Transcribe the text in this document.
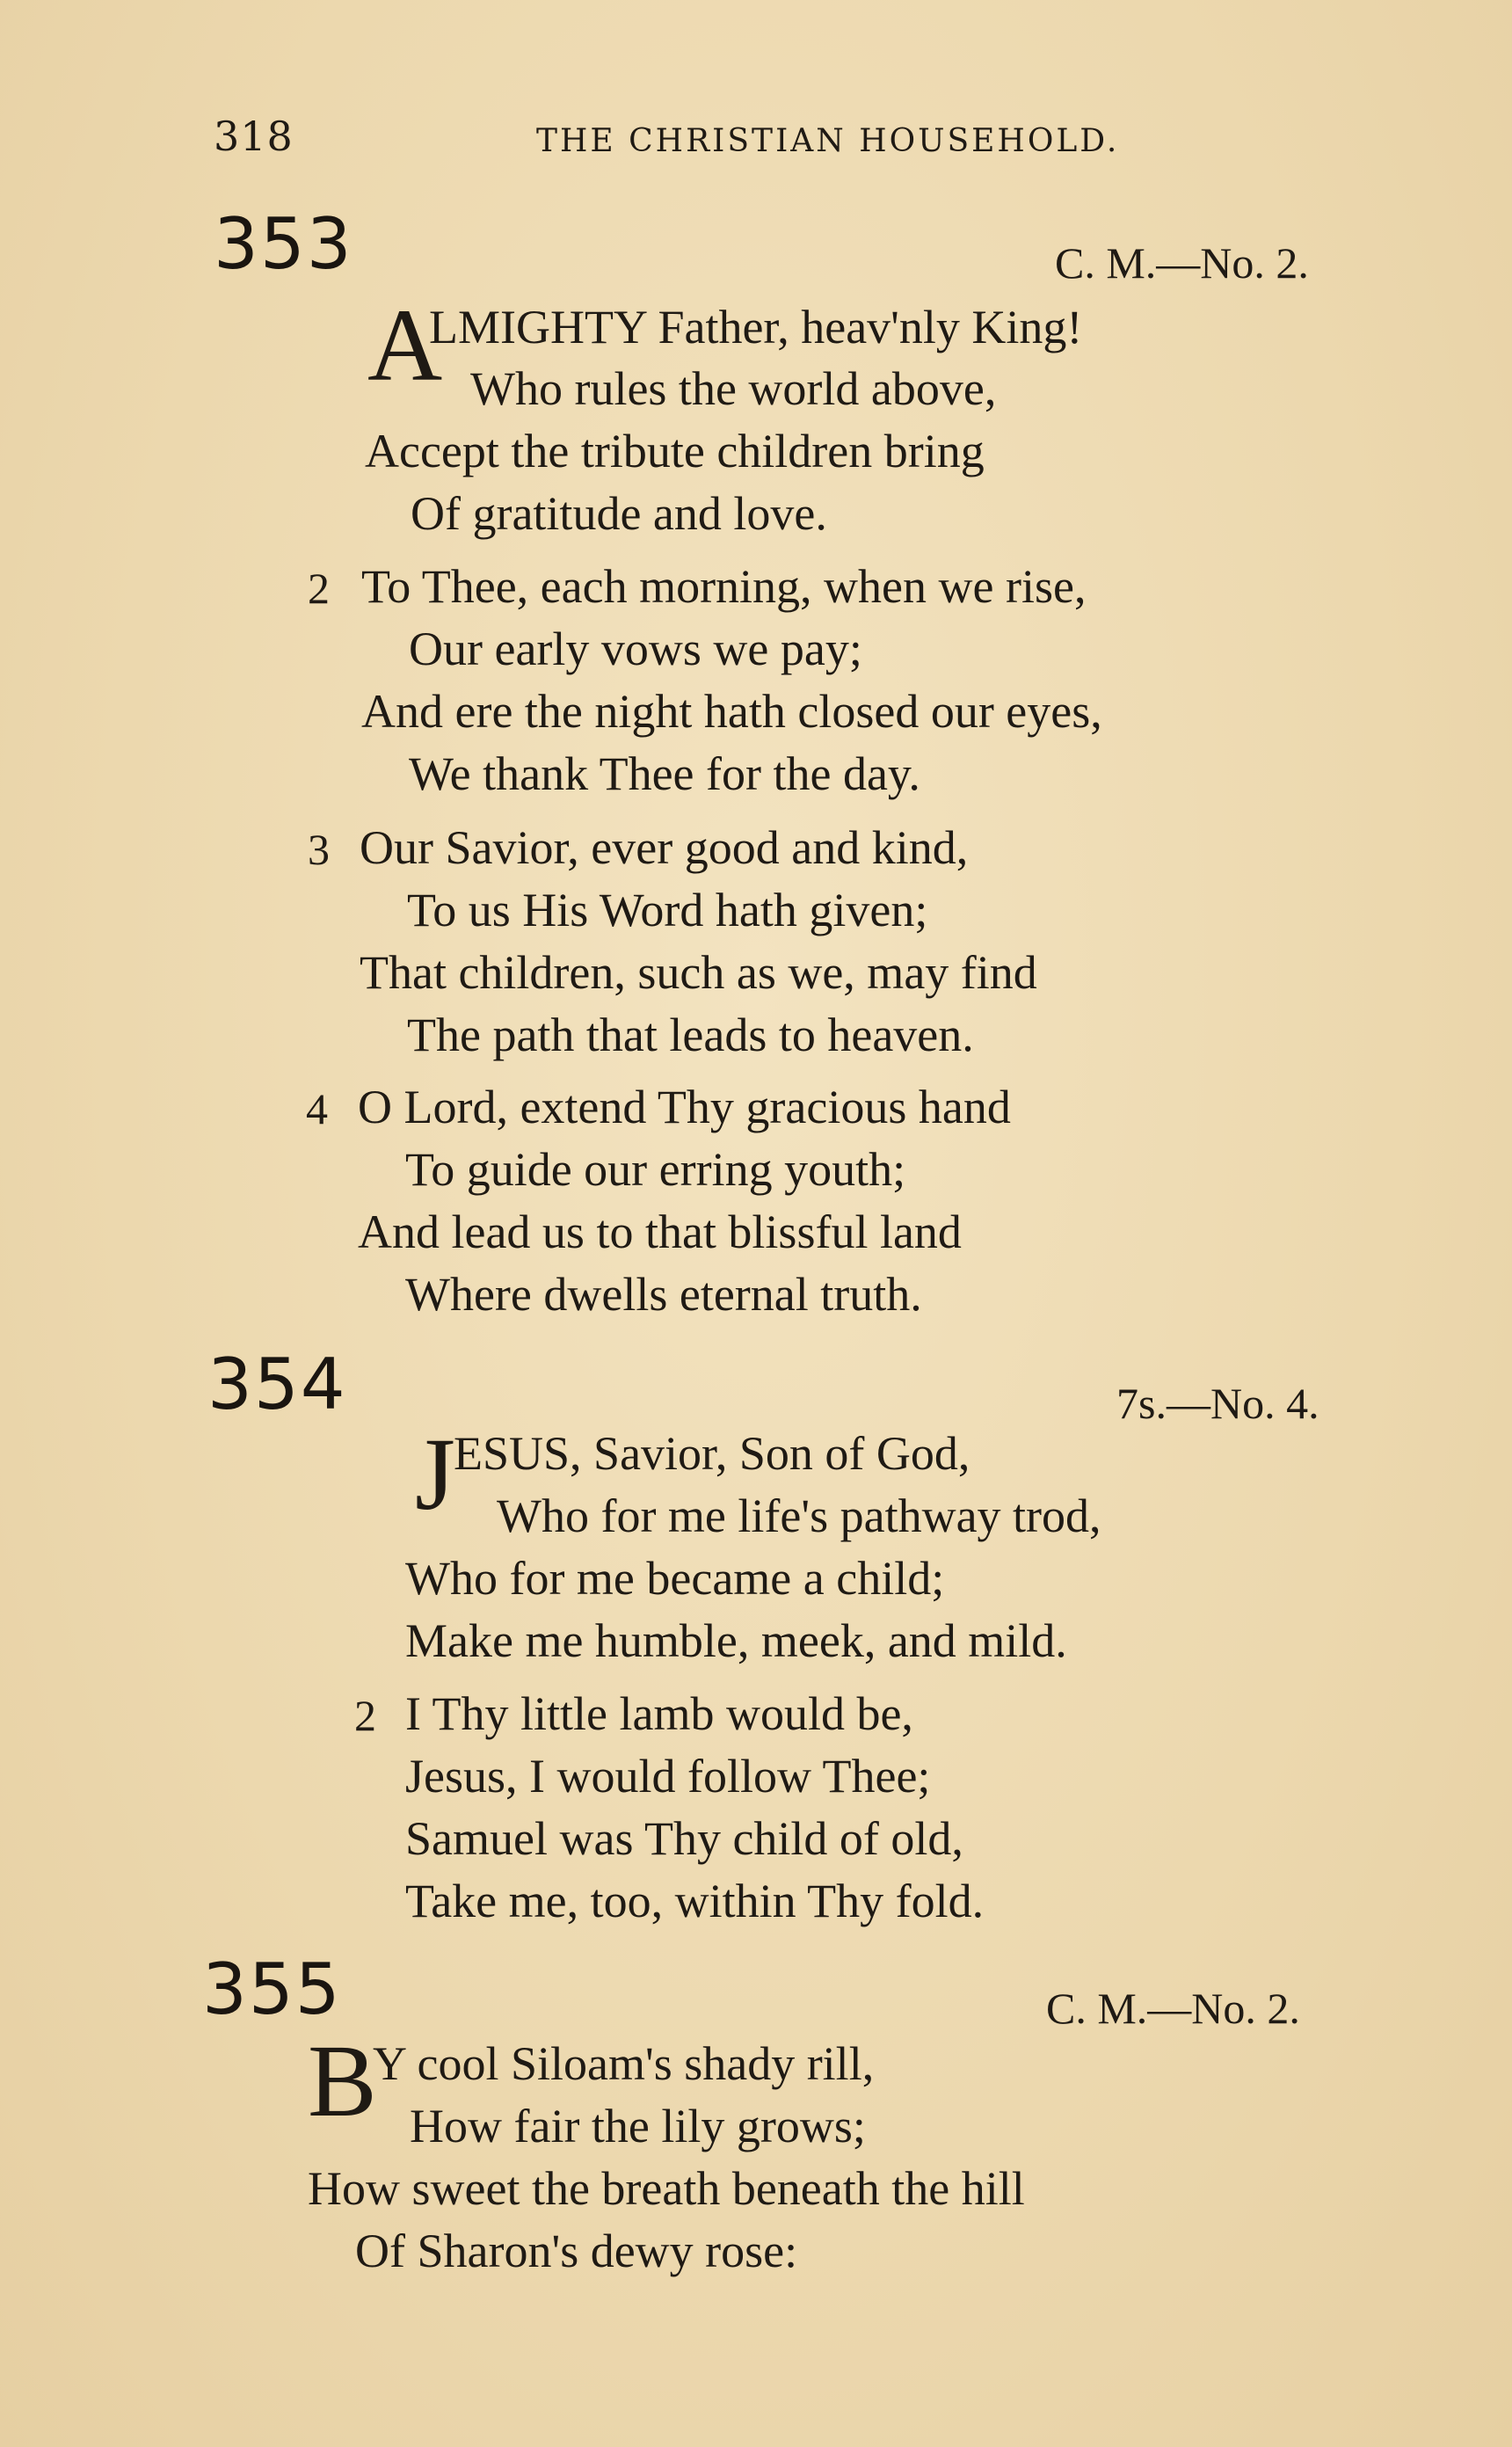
318	THE CHRISTIAN HOUSEHOLD.
353	C. M.—No. 2.
A
LMIGHTY Father, heav'nly King!
Who rules the world above,
Accept the tribute children bring
Of gratitude and love.
2 To Thee, each morning, when we rise,
Our early vows we pay;
And ere the night hath closed our eyes,
We thank Thee for the day.
3 Our Savior, ever good and kind,
To us His Word hath given;
That children, such as we, may find
The path that leads to heaven.
4 O Lord, extend Thy gracious hand
To guide our erring youth;
And lead us to that blissful land
Where dwells eternal truth.
354	7s.—No. 4.
J
ESUS, Savior, Son of God,
Who for me life's pathway trod,
Who for me became a child;
Make me humble, meek, and mild.
2 I Thy little lamb would be,
Jesus, I would follow Thee;
Samuel was Thy child of old,
Take me, too, within Thy fold.
355	C. M.—No. 2.
B
Y cool Siloam's shady rill,
How fair the lily grows;
How sweet the breath beneath the hill
Of Sharon's dewy rose:
